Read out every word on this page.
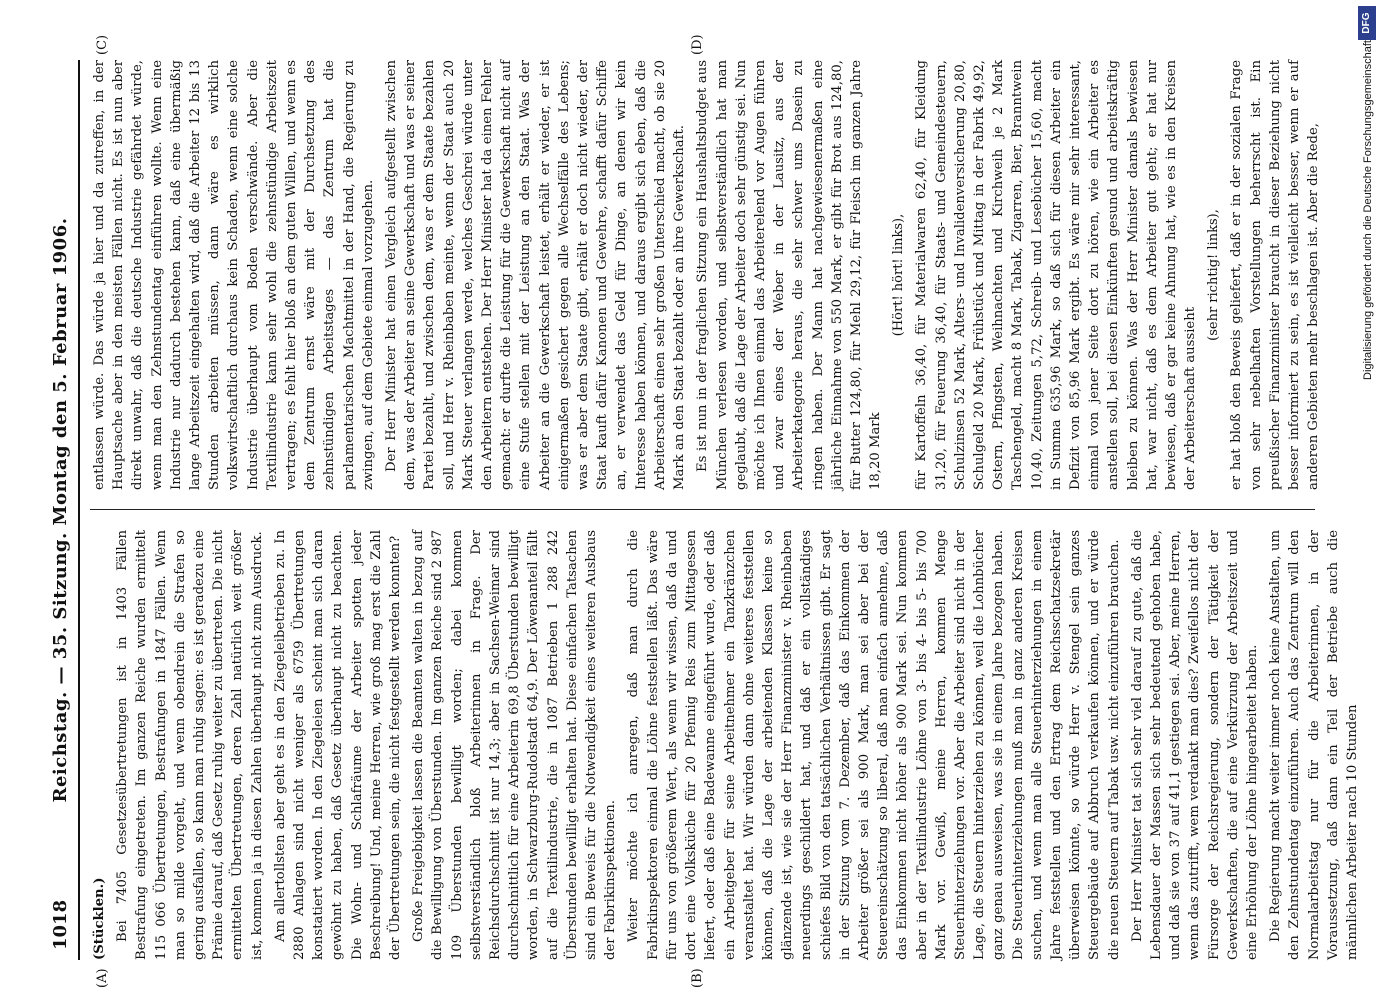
1018
Reichstag. — 35. Sitzung. Montag den 5. Februar 1906.
(A)	(B)
(C)	(D)

(Stücklen.) Bei 7405 Gesetzesübertretungen ist in 1403 Fällen Bestrafung eingetreten. Im ganzen Reiche wurden ermittelt 115 066 Übertretungen, Bestrafungen in 1847 Fällen. Wenn man so milde vorgeht, und wenn obendrein die Strafen so gering ausfallen, so kann man ruhig sagen: es ist geradezu eine Prämie darauf, daß Gesetz ruhig weiter zu übertreten. Die nicht ermittelten Übertretungen, deren Zahl natürlich weit größer ist, kommen ja in diesen Zahlen überhaupt nicht zum Ausdruck. Am allertollsten aber geht es in den Ziegeleibetrieben zu. In 2880 Anlagen sind nicht weniger als 6759 Übertretungen konstatiert worden. In den Ziegeleien scheint man sich daran gewöhnt zu haben, daß Gesetz überhaupt nicht zu beachten. Die Wohn- und Schlafräume der Arbeiter spotten jeder Beschreibung! Und, meine Herren, wie groß mag erst die Zahl der Übertretungen sein, die nicht festgestellt werden konnten? Große Freigebigkeit lassen die Beamten walten in bezug auf die Bewilligung von Überstunden. Im ganzen Reiche sind 2 987 109 Überstunden bewilligt worden; dabei kommen selbstverständlich bloß Arbeiterinnen in Frage. Der Reichsdurchschnitt ist nur 14,3; aber in Sachsen-Weimar sind durchschnittlich für eine Arbeiterin 69,8 Überstunden bewilligt worden, in Schwarzburg-Rudolstadt 64,9. Der Löwenanteil fällt auf die Textilindustrie, die in 1087 Betrieben 1 288 242 Überstunden bewilligt erhalten hat. Diese einfachen Tatsachen sind ein Beweis für die Notwendigkeit eines weiteren Ausbaus der Fabrikinspektionen. Weiter möchte ich anregen, daß man durch die Fabrikinspektoren einmal die Löhne feststellen läßt. Das wäre für uns von größerem Wert, als wenn wir wissen, daß da und dort eine Volksküche für 20 Pfennig Reis zum Mittagessen liefert, oder daß eine Badewanne eingeführt wurde, oder daß ein Arbeitgeber für seine Arbeitnehmer ein Tanzkränzchen veranstaltet hat. Wir würden dann ohne weiteres feststellen können, daß die Lage der arbeitenden Klassen keine so glänzende ist, wie sie der Herr Finanzminister v. Rheinbaben neuerdings geschildert hat, und daß er ein vollständiges schiefes Bild von den tatsächlichen Verhältnissen gibt. Er sagt in der Sitzung vom 7. Dezember, daß das Einkommen der Arbeiter größer sei als 900 Mark, man sei aber bei der Steuereinschätzung so liberal, daß man einfach annehme, daß das Einkommen nicht höher als 900 Mark sei. Nun kommen aber in der Textilindustrie Löhne von 3- bis 4- bis 5- bis 700 Mark vor. Gewiß, meine Herren, kommen Menge Steuerhinterziehungen vor. Aber die Arbeiter sind nicht in der Lage, die Steuern hinterziehen zu können, weil die Lohnbücher ganz genau ausweisen, was sie in einem Jahre bezogen haben. Die Steuerhinterziehungen muß man in ganz anderen Kreisen suchen, und wenn man alle Steuerhinterziehungen in einem Jahre feststellen und den Ertrag dem Reichsschatzsekretär überweisen könnte, so würde Herr v. Stengel sein ganzes Steuergebäude auf Abbruch verkaufen können, und er würde die neuen Steuern auf Tabak usw. nicht einzuführen brauchen. Der Herr Minister tat sich sehr viel darauf zu gute, daß die Lebensdauer der Massen sich sehr bedeutend gehoben habe, und daß sie von 37 auf 41,1 gestiegen sei. Aber, meine Herren, wenn das zutrifft, wem verdankt man dies? Zweifellos nicht der Fürsorge der Reichsregierung, sondern der Tätigkeit der Gewerkschaften, die auf eine Verkürzung der Arbeitszeit und eine Erhöhung der Löhne hingearbeitet haben. Die Regierung macht weiter immer noch keine Anstalten, um den Zehnstundentag einzuführen. Auch das Zentrum will den Normalarbeitstag nur für die Arbeiterinnen, in der Voraussetzung, daß dann ein Teil der Betriebe auch die männlichen Arbeiter nach 10 Stunden

entlassen würde. Das würde ja hier und da zutreffen, in der Hauptsache aber in den meisten Fällen nicht. Es ist nun aber direkt unwahr, daß die deutsche Industrie gefährdet würde, wenn man den Zehnstundentag einführen wollte. Wenn eine Industrie nur dadurch bestehen kann, daß eine übermäßig lange Arbeitszeit eingehalten wird, daß die Arbeiter 12 bis 13 Stunden arbeiten müssen, dann wäre es wirklich volkswirtschaftlich durchaus kein Schaden, wenn eine solche Industrie überhaupt vom Boden verschwände. Aber die Textilindustrie kann sehr wohl die zehnstündige Arbeitszeit vertragen; es fehlt hier bloß an dem guten Willen, und wenn es dem Zentrum ernst wäre mit der Durchsetzung des zehnstündigen Arbeitstages — das Zentrum hat die parlamentarischen Machtmittel in der Hand, die Regierung zu zwingen, auf dem Gebiete einmal vorzugehen. Der Herr Minister hat einen Vergleich aufgestellt zwischen dem, was der Arbeiter an seine Gewerkschaft und was er seiner Partei bezahlt, und zwischen dem, was er dem Staate bezahlen soll, und Herr v. Rheinbaben meinte, wenn der Staat auch 20 Mark Steuer verlangen werde, welches Geschrei würde unter den Arbeitern entstehen. Der Herr Minister hat da einen Fehler gemacht: er durfte die Leistung für die Gewerkschaft nicht auf eine Stufe stellen mit der Leistung an den Staat. Was der Arbeiter an die Gewerkschaft leistet, erhält er wieder, er ist einigermaßen gesichert gegen alle Wechselfälle des Lebens; was er aber dem Staate gibt, erhält er doch nicht wieder, der Staat kauft dafür Kanonen und Gewehre, schafft dafür Schiffe an, er verwendet das Geld für Dinge, an denen wir kein Interesse haben können, und daraus ergibt sich eben, daß die Arbeiterschaft einen sehr großen Unterschied macht, ob sie 20 Mark an den Staat bezahlt oder an ihre Gewerkschaft. Es ist nun in der fraglichen Sitzung ein Haushaltsbudget aus München verlesen worden, und selbstverständlich hat man geglaubt, daß die Lage der Arbeiter doch sehr günstig sei. Nun möchte ich Ihnen einmal das Arbeiterelend vor Augen führen und zwar eines der Weber in der Lausitz, aus der Arbeiterkategorie heraus, die sehr schwer ums Dasein zu ringen haben. Der Mann hat nachgewiesenermaßen eine jährliche Einnahme von 550 Mark, er gibt für Brot aus 124,80, für Butter 124,80, für Mehl 29,12, für Fleisch im ganzen Jahre 18,20 Mark

(Hört! hört! links), für Kartoffeln 36,40, für Materialwaren 62,40, für Kleidung 31,20, für Feuerung 36,40, für Staats- und Gemeindesteuern, Schulzinsen 52 Mark, Alters- und Invalidenversicherung 20,80, Schulgeld 20 Mark, Frühstück und Mittag in der Fabrik 49,92, Ostern, Pfingsten, Weihnachten und Kirchweih je 2 Mark Taschengeld, macht 8 Mark, Tabak, Zigarren, Bier, Branntwein 10,40, Zeitungen 5,72, Schreib- und Lesebücher 15,60, macht in Summa 635,96 Mark, so daß sich für diesen Arbeiter ein Defizit von 85,96 Mark ergibt. Es wäre mir sehr interessant, einmal von jener Seite dort zu hören, wie ein Arbeiter es anstellen soll, bei diesen Einkünften gesund und arbeitskräftig bleiben zu können. Was der Herr Minister damals bewiesen hat, war nicht, daß es dem Arbeiter gut geht; er hat nur bewiesen, daß er gar keine Ahnung hat, wie es in den Kreisen der Arbeiterschaft aussieht

(sehr richtig! links), er hat bloß den Beweis geliefert, daß er in der sozialen Frage von sehr nebelhaften Vorstellungen beherrscht ist. Ein preußischer Finanzminister braucht in dieser Beziehung nicht besser informiert zu sein, es ist vielleicht besser, wenn er auf anderen Gebieten mehr beschlagen ist. Aber die Rede,	Digitalisierung gefördert durch die Deutsche Forschungsgemeinschaft
DFG
